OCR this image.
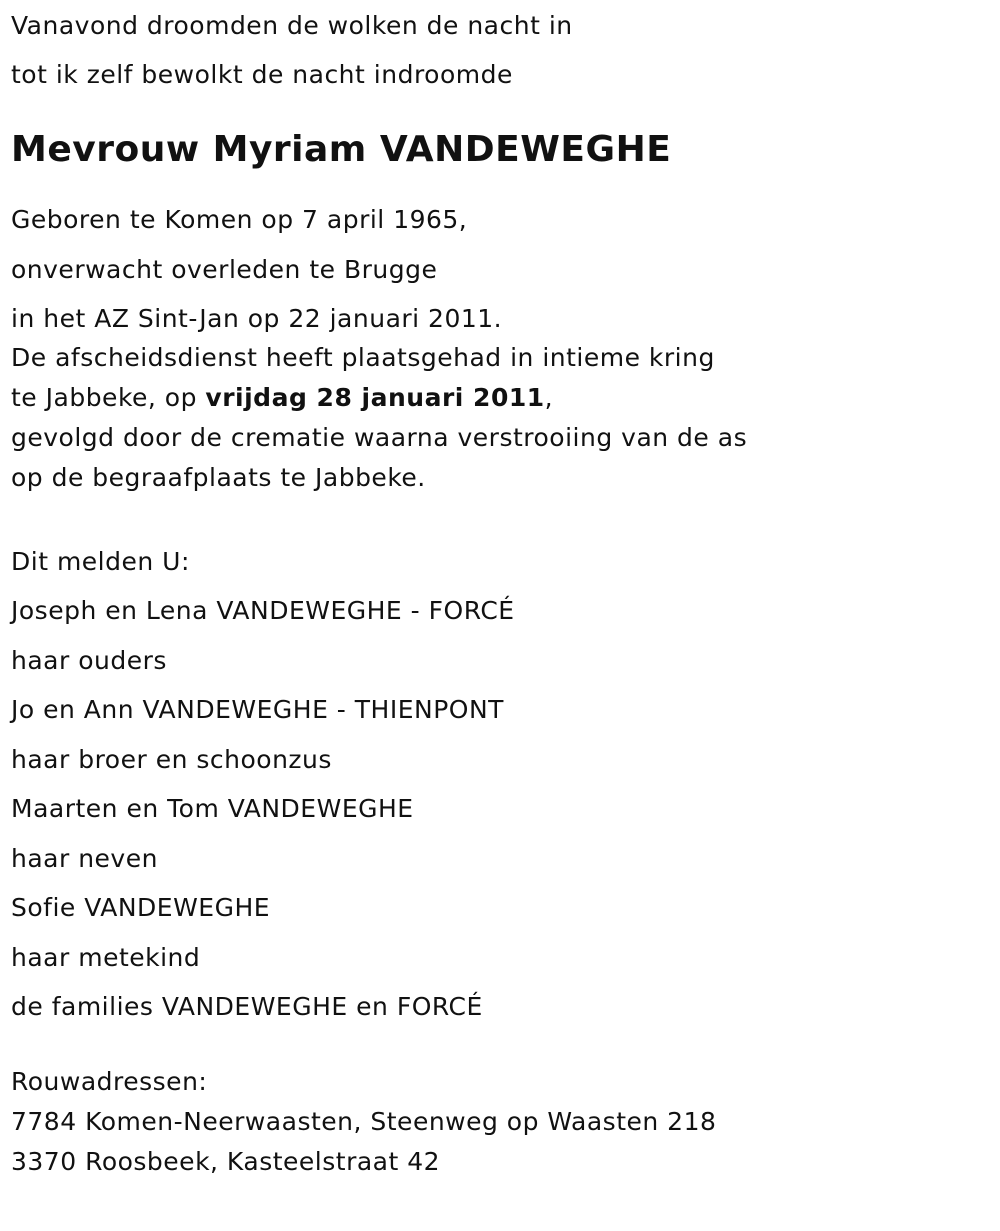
Vanavond droomden de wolken de nacht in
tot ik zelf bewolkt de nacht indroomde
Mevrouw Myriam VANDEWEGHE
Geboren te Komen op 7 april 1965,
onverwacht overleden te Brugge
in het AZ Sint-Jan op 22 januari 2011.
De afscheidsdienst heeft plaatsgehad in intieme kring
te Jabbeke, op vrijdag 28 januari 2011,
gevolgd door de crematie waarna verstrooiing van de as
op de begraafplaats te Jabbeke.
Dit melden U:
Joseph en Lena VANDEWEGHE - FORCÉ
haar ouders
Jo en Ann VANDEWEGHE - THIENPONT
haar broer en schoonzus
Maarten en Tom VANDEWEGHE
haar neven
Sofie VANDEWEGHE
haar metekind
de families VANDEWEGHE en FORCÉ
Rouwadressen:
7784 Komen-Neerwaasten, Steenweg op Waasten 218
3370 Roosbeek, Kasteelstraat 42
